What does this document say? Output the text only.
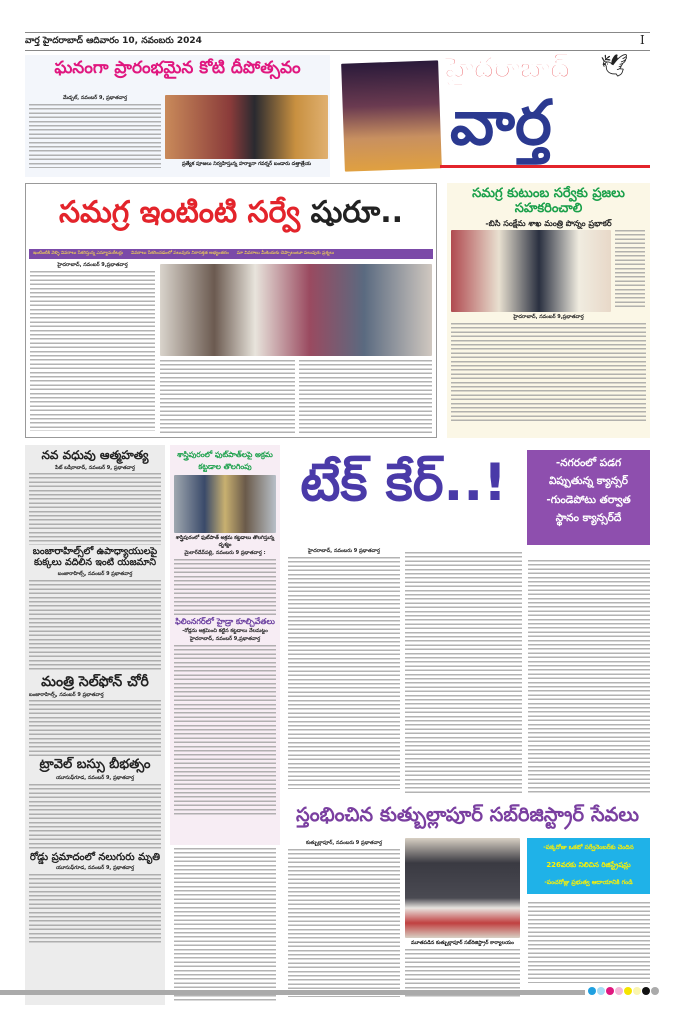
వార్త హైదరాబాద్ ఆదివారం 10, నవంబరు 2024	I
ఘనంగా ప్రారంభమైన కోటి దీపోత్సవం
మేడ్చల్, నవంబర్ 9, ప్రభాతవార్త
ప్రత్యేక పూజలు నిర్వహిస్తున్న హర్యానా గవర్నర్ బండారు దత్తాత్రేయ
హైదరాబాద్ 🕊
వార్త
సమగ్ర ఇంటింటి సర్వే షురూ..
ఇంటింటికి వెళ్ళి వివరాలు సేకరిస్తున్న ఎన్యూమరేటర్లు వివరాలు సేకరించడంలో పలువురు నిరాసక్తత అభ్యంతరం మా వివరాలు మీకెందుకు చెప్పాలంటూ పలువురు ప్రశ్నలు
హైదరాబాద్, నవంబర్ 9,ప్రభాతవార్త
సమగ్ర కుటుంబ సర్వేకు ప్రజలు సహకరించాలి
-బిసి సంక్షేమ శాఖ మంత్రి పొన్నం ప్రభాకర్
హైదరాబాద్, నవంబర్ 9,ప్రభాతవార్త
నవ వధువు ఆత్మహత్య
పేట్ బషీరాబాద్, నవంబర్ 9, ప్రభాతవార్త
బంజారాహిల్స్‌లో ఉపాధ్యాయులపై కుక్కలు వదిలిన ఇంటి యజమాని
బంజారాహిల్స్, నవంబర్ 9 ప్రభాతవార్త
మంత్రి సెల్‌ఫోన్ చోరీ
బంజారాహిల్స్, నవంబర్ 9 ప్రభాతవార్త
ట్రావెల్ బస్సు బీభత్సం
యూసుఫ్‌గూడ, నవంబర్ 9, ప్రభాతవార్త
రోడ్డు ప్రమాదంలో నలుగురు మృతి
యూసుఫ్‌గూడ, నవంబర్ 9, ప్రభాతవార్త
శాస్త్రిపురంలో ఫుట్‌పాత్‌లపై అక్రమ కట్టడాల తొలగింపు
శాస్త్రిపురంలో ఫుట్‌పాత్ అక్రమ కట్టడాలు తొలగిస్తున్న దృశ్యం
మైలార్‌దేవ్‌పల్లి, నవంబరు 9 ప్రభాతవార్త :
ఫిలింనగర్‌లో హైడ్రా కూల్చివేతలు
-రోడ్లను ఆక్రమించి కట్టిన కట్టడాలు నేలమట్టం
హైదరాబాద్, నవంబర్ 9,ప్రభాతవార్త
టేక్ కేర్..!
హైదరాబాద్, నవంబరు 9 ప్రభాతవార్త
-నగరంలో పడగ
విప్పుతున్న క్యాన్సర్
-గుండెపోటు తర్వాత
స్థానం క్యాన్సర్‌దే
స్తంభించిన కుత్బుల్లాపూర్ సబ్‌రిజిస్ట్రార్ సేవలు
కుత్బుల్లాపూర్, నవంబరు 9 ప్రభాతవార్త
మూతపడిన కుత్బుల్లాపూర్ సబ్‌రిజిస్ట్రార్ కార్యాలయం
-పక్కరోజు ఒకటో సర్వేనెంబర్‌కు చెందిన
226వరకు నిలిచిన రిజిస్ట్రేషన్లు
-పంచరోజ్లు ప్రభుత్వ ఆదాయానికి గండి
